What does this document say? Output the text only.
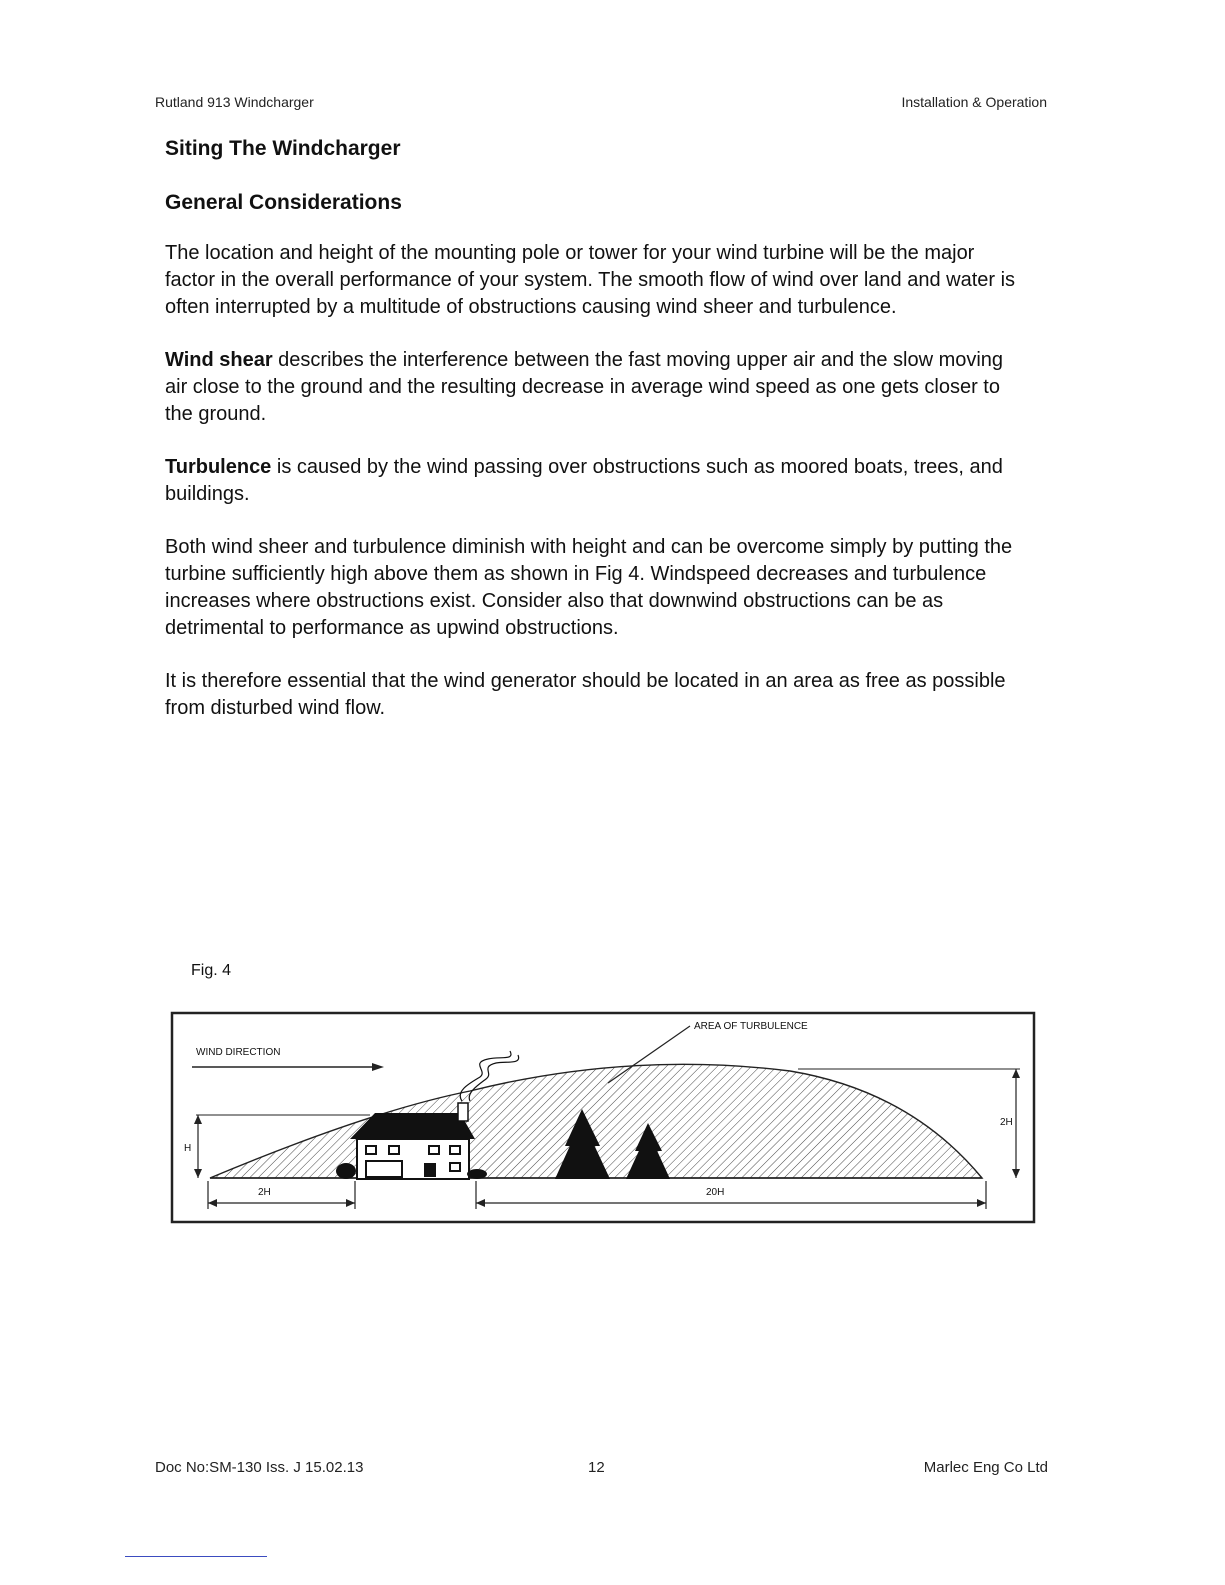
Rutland 913 Windcharger	Installation & Operation
Siting The Windcharger
General Considerations

The location and height of the mounting pole or tower for your wind turbine will be the major factor in the overall performance of your system. The smooth flow of wind over land and water is often interrupted by a multitude of obstructions causing wind sheer and turbulence.

Wind shear describes the interference between the fast moving upper air and the slow moving air close to the ground and the resulting decrease in average wind speed as one gets closer to the ground.

Turbulence is caused by the wind passing over obstructions such as moored boats, trees, and buildings.

Both wind sheer and turbulence diminish with height and can be overcome simply by putting the turbine sufficiently high above them as shown in Fig 4. Windspeed decreases and turbulence increases where obstructions exist. Consider also that downwind obstructions can be as detrimental to performance as upwind obstructions.

It is therefore essential that the wind generator should be located in an area as free as possible from disturbed wind flow.

Fig. 4
WIND DIRECTION
AREA OF TURBULENCE
H
2H
2H	20H
Doc No:SM-130 Iss. J 15.02.13	12	Marlec Eng Co Ltd
